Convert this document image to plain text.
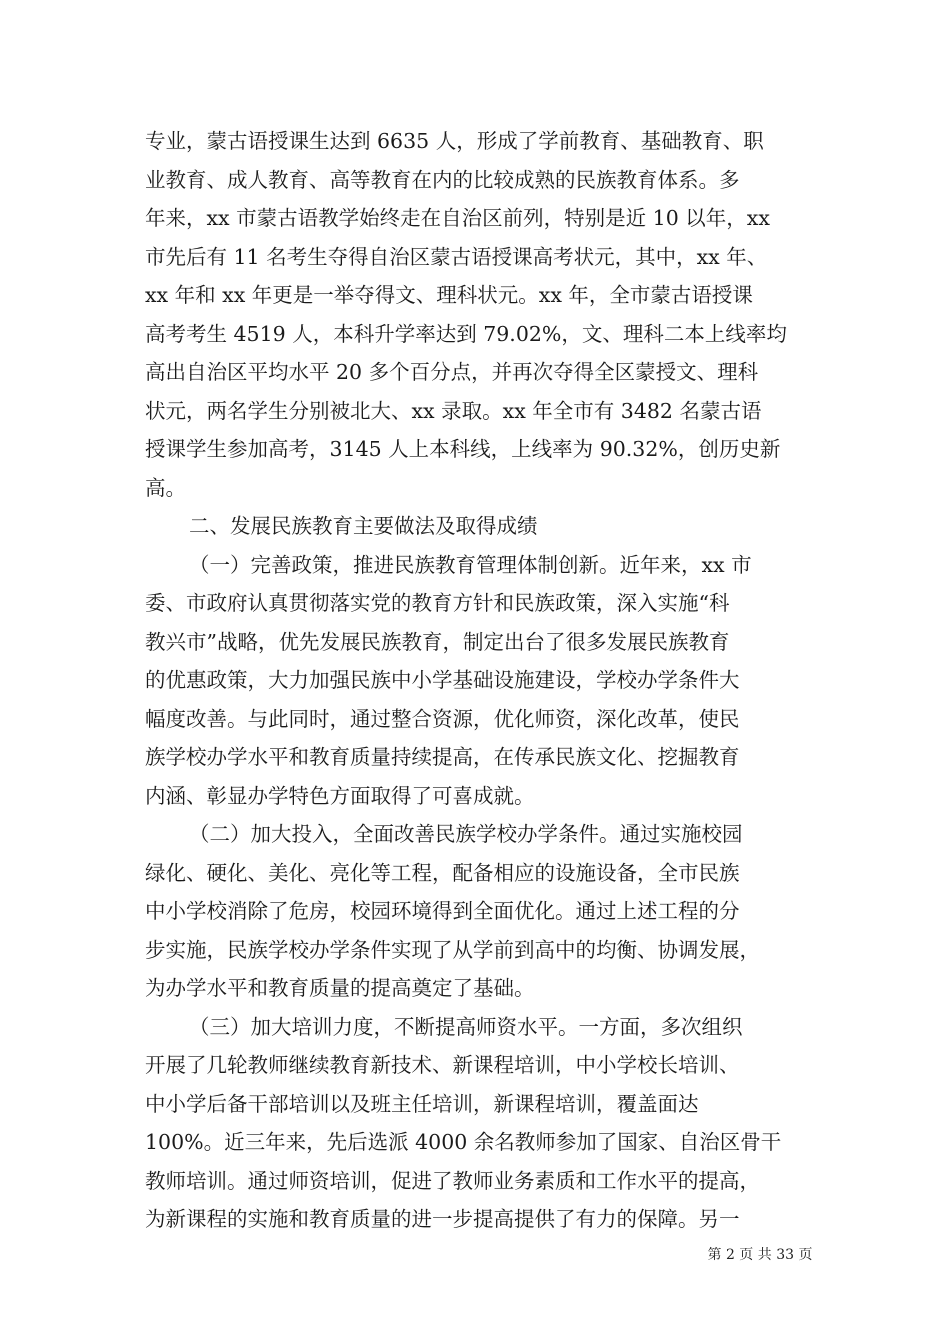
专业，蒙古语授课生达到 6635 人，形成了学前教育、基础教育、职
业教育、成人教育、高等教育在内的比较成熟的民族教育体系。多
年来，xx 市蒙古语教学始终走在自治区前列，特别是近 10 以年，xx
市先后有 11 名考生夺得自治区蒙古语授课高考状元，其中，xx 年、
xx 年和 xx 年更是一举夺得文、理科状元。xx 年，全市蒙古语授课
高考考生 4519 人，本科升学率达到 79.02%，文、理科二本上线率均
高出自治区平均水平 20 多个百分点，并再次夺得全区蒙授文、理科
状元，两名学生分别被北大、xx 录取。xx 年全市有 3482 名蒙古语
授课学生参加高考，3145 人上本科线，上线率为 90.32%，创历史新
高。
二、发展民族教育主要做法及取得成绩
（一）完善政策，推进民族教育管理体制创新。近年来，xx 市
委、市政府认真贯彻落实党的教育方针和民族政策，深入实施“科
教兴市”战略，优先发展民族教育，制定出台了很多发展民族教育
的优惠政策，大力加强民族中小学基础设施建设，学校办学条件大
幅度改善。与此同时，通过整合资源，优化师资，深化改革，使民
族学校办学水平和教育质量持续提高，在传承民族文化、挖掘教育
内涵、彰显办学特色方面取得了可喜成就。
（二）加大投入，全面改善民族学校办学条件。通过实施校园
绿化、硬化、美化、亮化等工程，配备相应的设施设备，全市民族
中小学校消除了危房，校园环境得到全面优化。通过上述工程的分
步实施，民族学校办学条件实现了从学前到高中的均衡、协调发展，
为办学水平和教育质量的提高奠定了基础。
（三）加大培训力度，不断提高师资水平。一方面，多次组织
开展了几轮教师继续教育新技术、新课程培训，中小学校长培训、
中小学后备干部培训以及班主任培训，新课程培训，覆盖面达
100%。近三年来，先后选派 4000 余名教师参加了国家、自治区骨干
教师培训。通过师资培训，促进了教师业务素质和工作水平的提高，
为新课程的实施和教育质量的进一步提高提供了有力的保障。另一
第 2 页 共 33 页
